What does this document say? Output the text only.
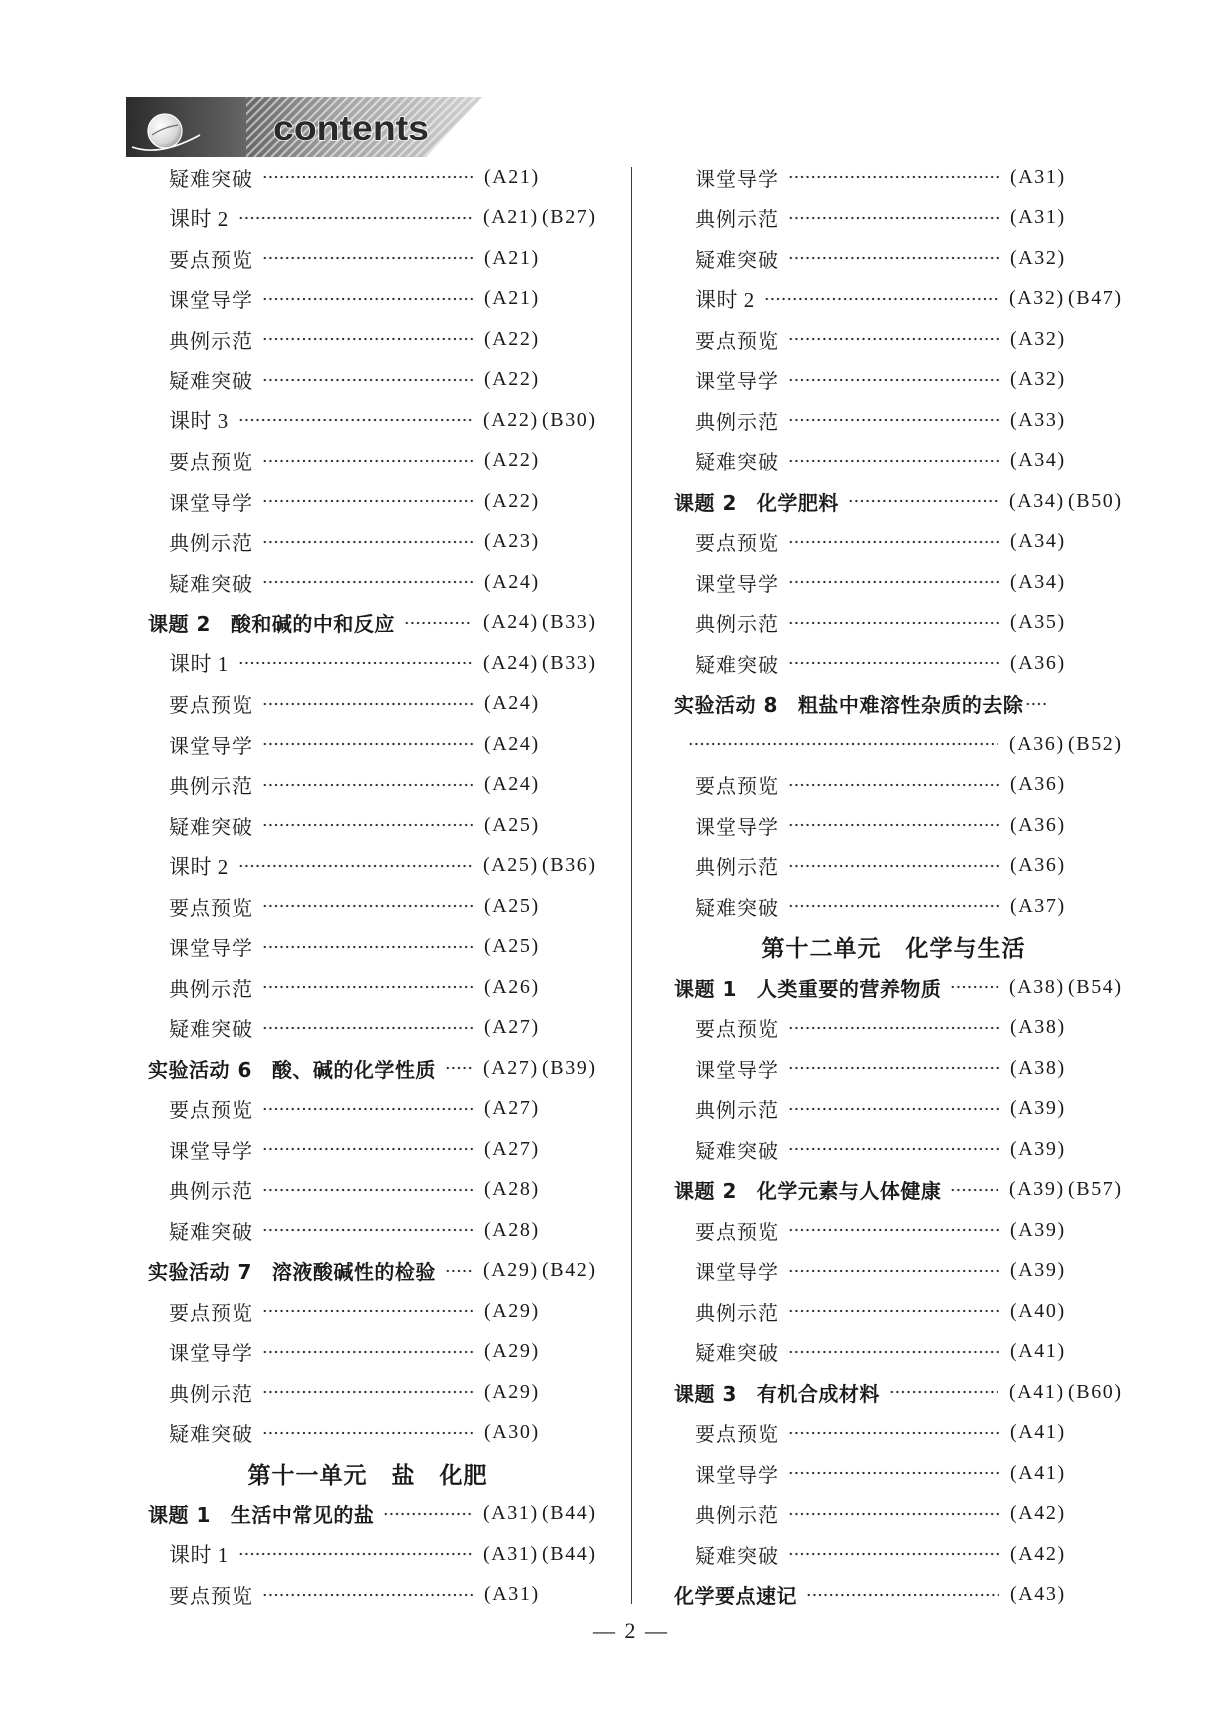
contents
疑难突破	(A21)
课时 2	(A21) (B27)
要点预览	(A21)
课堂导学	(A21)
典例示范	(A22)
疑难突破	(A22)
课时 3	(A22) (B30)
要点预览	(A22)
课堂导学	(A22)
典例示范	(A23)
疑难突破	(A24)
课题 2 酸和碱的中和反应	(A24) (B33)
课时 1	(A24) (B33)
要点预览	(A24)
课堂导学	(A24)
典例示范	(A24)
疑难突破	(A25)
课时 2	(A25) (B36)
要点预览	(A25)
课堂导学	(A25)
典例示范	(A26)
疑难突破	(A27)
实验活动 6 酸、碱的化学性质 (A27) (B39)
要点预览	(A27)
课堂导学	(A27)
典例示范	(A28)
疑难突破	(A28)
实验活动 7 溶液酸碱性的检验 (A29) (B42)
要点预览	(A29)
课堂导学	(A29)
典例示范	(A29)
疑难突破	(A30)
第十一单元　盐　化肥
课题 1 生活中常见的盐	(A31) (B44)
课时 1	(A31) (B44)
要点预览	(A31)
课堂导学	(A31)
典例示范	(A31)
疑难突破	(A32)
课时 2	(A32) (B47)
要点预览	(A32)
课堂导学	(A32)
典例示范	(A33)
疑难突破	(A34)
课题 2 化学肥料	(A34) (B50)
要点预览	(A34)
课堂导学	(A34)
典例示范	(A35)
疑难突破	(A36)
实验活动 8 粗盐中难溶性杂质的去除
(A36) (B52)
要点预览	(A36)
课堂导学	(A36)
典例示范	(A36)
疑难突破	(A37)
第十二单元　化学与生活
课题 1 人类重要的营养物质	(A38) (B54)
要点预览	(A38)
课堂导学	(A38)
典例示范	(A39)
疑难突破	(A39)
课题 2 化学元素与人体健康	(A39) (B57)
要点预览	(A39)
课堂导学	(A39)
典例示范	(A40)
疑难突破	(A41)
课题 3 有机合成材料	(A41) (B60)
要点预览	(A41)
课堂导学	(A41)
典例示范	(A42)
疑难突破	(A42)
化学要点速记	(A43)
— 2 —
